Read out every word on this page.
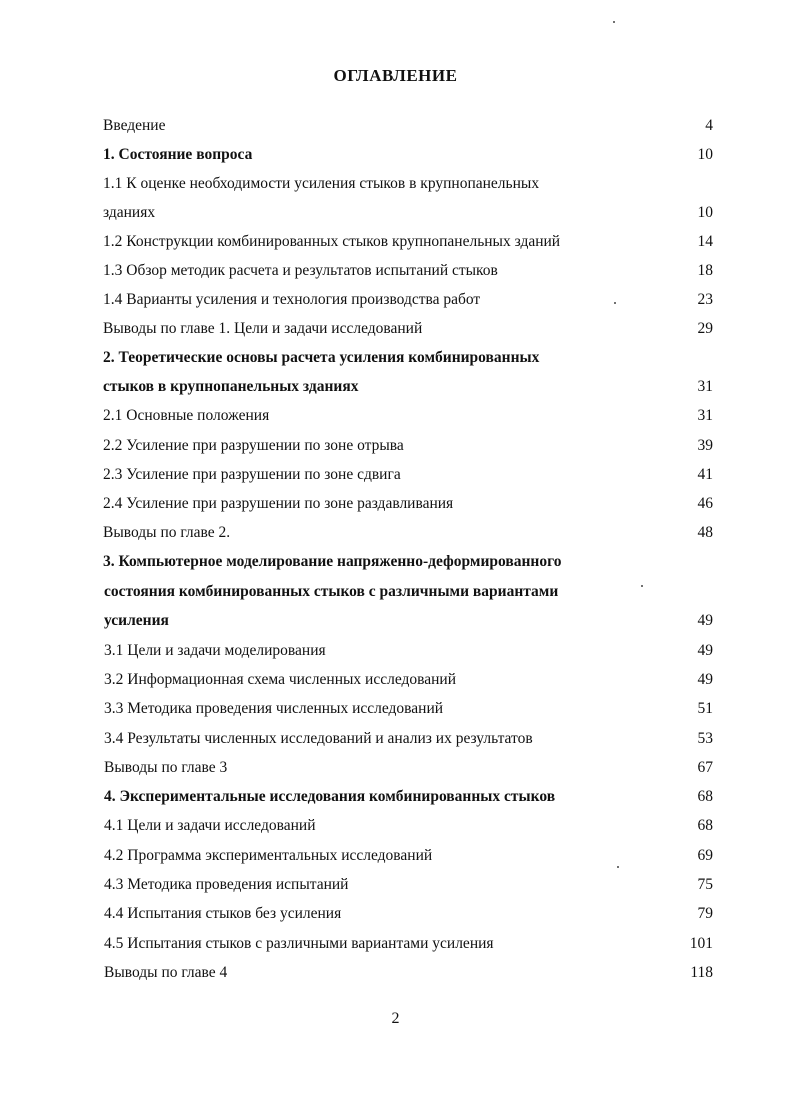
ОГЛАВЛЕНИЕ
Введение	4
1. Состояние вопроса	10
1.1 К оценке необходимости усиления стыков в крупнопанельных
зданиях	10
1.2 Конструкции комбинированных стыков крупнопанельных зданий	14
1.3 Обзор методик расчета и результатов испытаний стыков	18
1.4 Варианты усиления и технология производства работ	23
Выводы по главе 1. Цели и задачи исследований	29
2. Теоретические основы расчета усиления комбинированных
стыков в крупнопанельных зданиях	31
2.1 Основные положения	31
2.2 Усиление при разрушении по зоне отрыва	39
2.3 Усиление при разрушении по зоне сдвига	41
2.4 Усиление при разрушении по зоне раздавливания	46
Выводы по главе 2.	48
3. Компьютерное моделирование напряженно-деформированного
состояния комбинированных стыков с различными вариантами
усиления	49
3.1 Цели и задачи моделирования	49
3.2 Информационная схема численных исследований	49
3.3 Методика проведения численных исследований	51
3.4 Результаты численных исследований и анализ их результатов	53
Выводы по главе 3	67
4. Экспериментальные исследования комбинированных стыков	68
4.1 Цели и задачи исследований	68
4.2 Программа экспериментальных исследований	69
4.3 Методика проведения испытаний	75
4.4 Испытания стыков без усиления	79
4.5 Испытания стыков с различными вариантами усиления	101
Выводы по главе 4	118
2
